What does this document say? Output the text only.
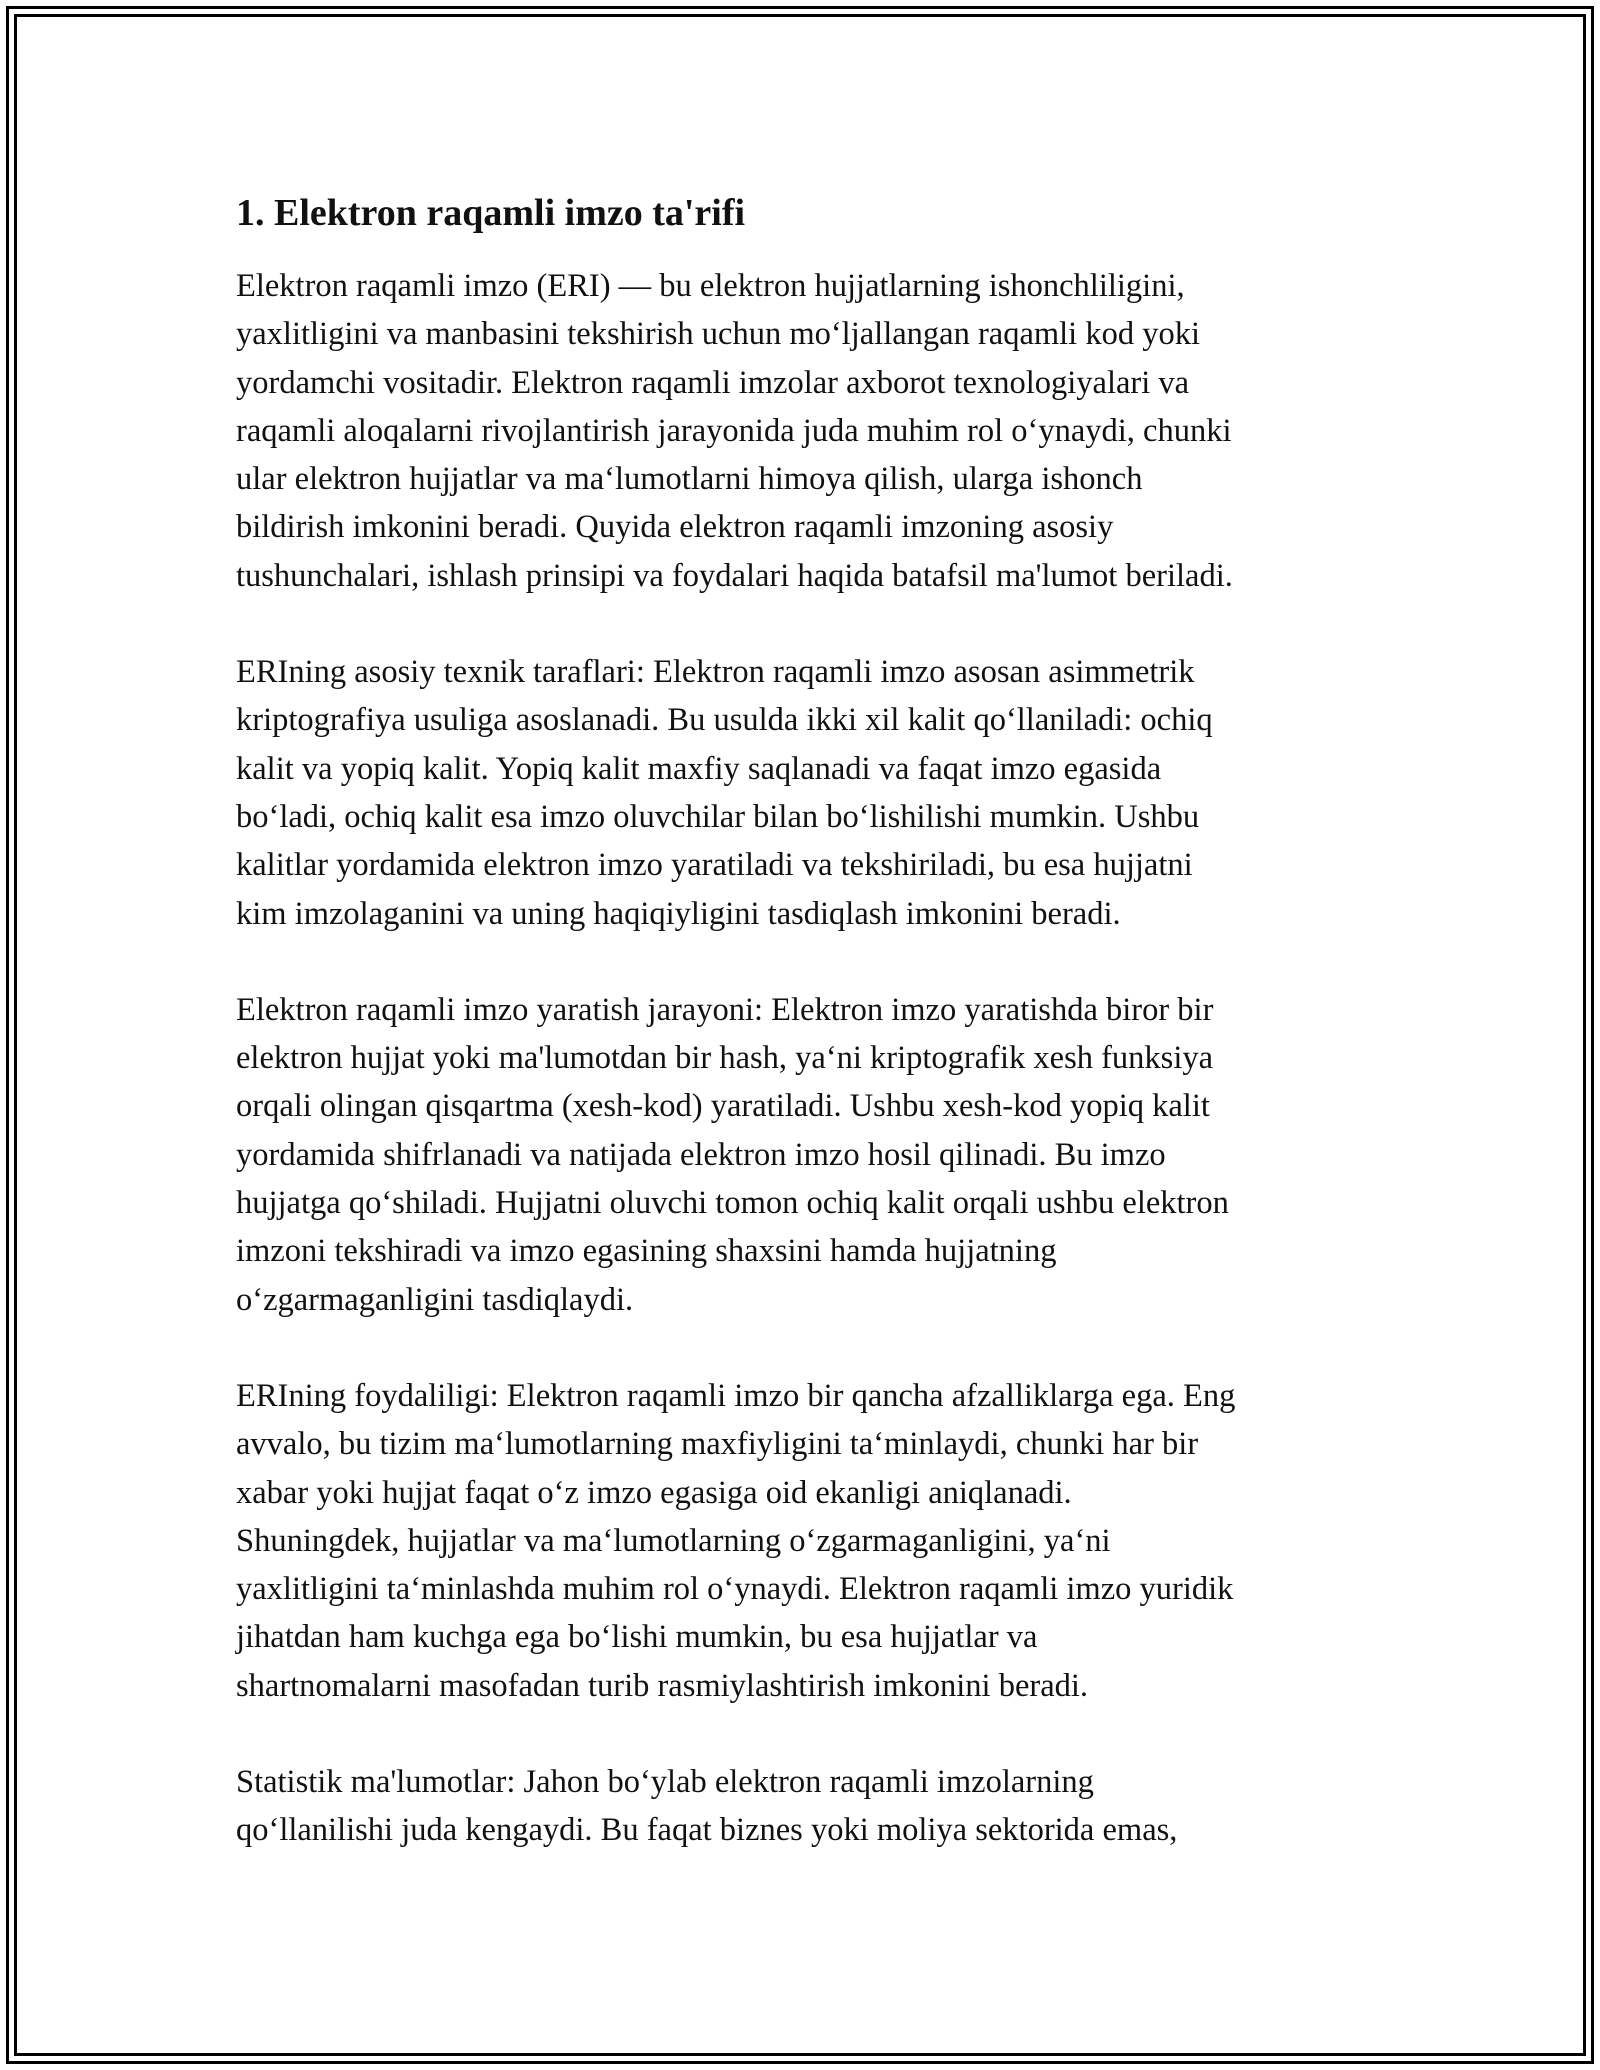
1. Elektron raqamli imzo ta'rifi
Elektron raqamli imzo (ERI) — bu elektron hujjatlarning ishonchliligini,
yaxlitligini va manbasini tekshirish uchun moʻljallangan raqamli kod yoki
yordamchi vositadir. Elektron raqamli imzolar axborot texnologiyalari va
raqamli aloqalarni rivojlantirish jarayonida juda muhim rol oʻynaydi, chunki
ular elektron hujjatlar va maʻlumotlarni himoya qilish, ularga ishonch
bildirish imkonini beradi. Quyida elektron raqamli imzoning asosiy
tushunchalari, ishlash prinsipi va foydalari haqida batafsil ma'lumot beriladi.
ERIning asosiy texnik taraflari: Elektron raqamli imzo asosan asimmetrik
kriptografiya usuliga asoslanadi. Bu usulda ikki xil kalit qoʻllaniladi: ochiq
kalit va yopiq kalit. Yopiq kalit maxfiy saqlanadi va faqat imzo egasida
boʻladi, ochiq kalit esa imzo oluvchilar bilan boʻlishilishi mumkin. Ushbu
kalitlar yordamida elektron imzo yaratiladi va tekshiriladi, bu esa hujjatni
kim imzolaganini va uning haqiqiyligini tasdiqlash imkonini beradi.
Elektron raqamli imzo yaratish jarayoni: Elektron imzo yaratishda biror bir
elektron hujjat yoki ma'lumotdan bir hash, yaʻni kriptografik xesh funksiya
orqali olingan qisqartma (xesh-kod) yaratiladi. Ushbu xesh-kod yopiq kalit
yordamida shifrlanadi va natijada elektron imzo hosil qilinadi. Bu imzo
hujjatga qoʻshiladi. Hujjatni oluvchi tomon ochiq kalit orqali ushbu elektron
imzoni tekshiradi va imzo egasining shaxsini hamda hujjatning
oʻzgarmaganligini tasdiqlaydi.
ERIning foydaliligi: Elektron raqamli imzo bir qancha afzalliklarga ega. Eng
avvalo, bu tizim maʻlumotlarning maxfiyligini taʻminlaydi, chunki har bir
xabar yoki hujjat faqat oʻz imzo egasiga oid ekanligi aniqlanadi.
Shuningdek, hujjatlar va maʻlumotlarning oʻzgarmaganligini, yaʻni
yaxlitligini taʻminlashda muhim rol oʻynaydi. Elektron raqamli imzo yuridik
jihatdan ham kuchga ega boʻlishi mumkin, bu esa hujjatlar va
shartnomalarni masofadan turib rasmiylashtirish imkonini beradi.
Statistik ma'lumotlar: Jahon boʻylab elektron raqamli imzolarning
qoʻllanilishi juda kengaydi. Bu faqat biznes yoki moliya sektorida emas,
